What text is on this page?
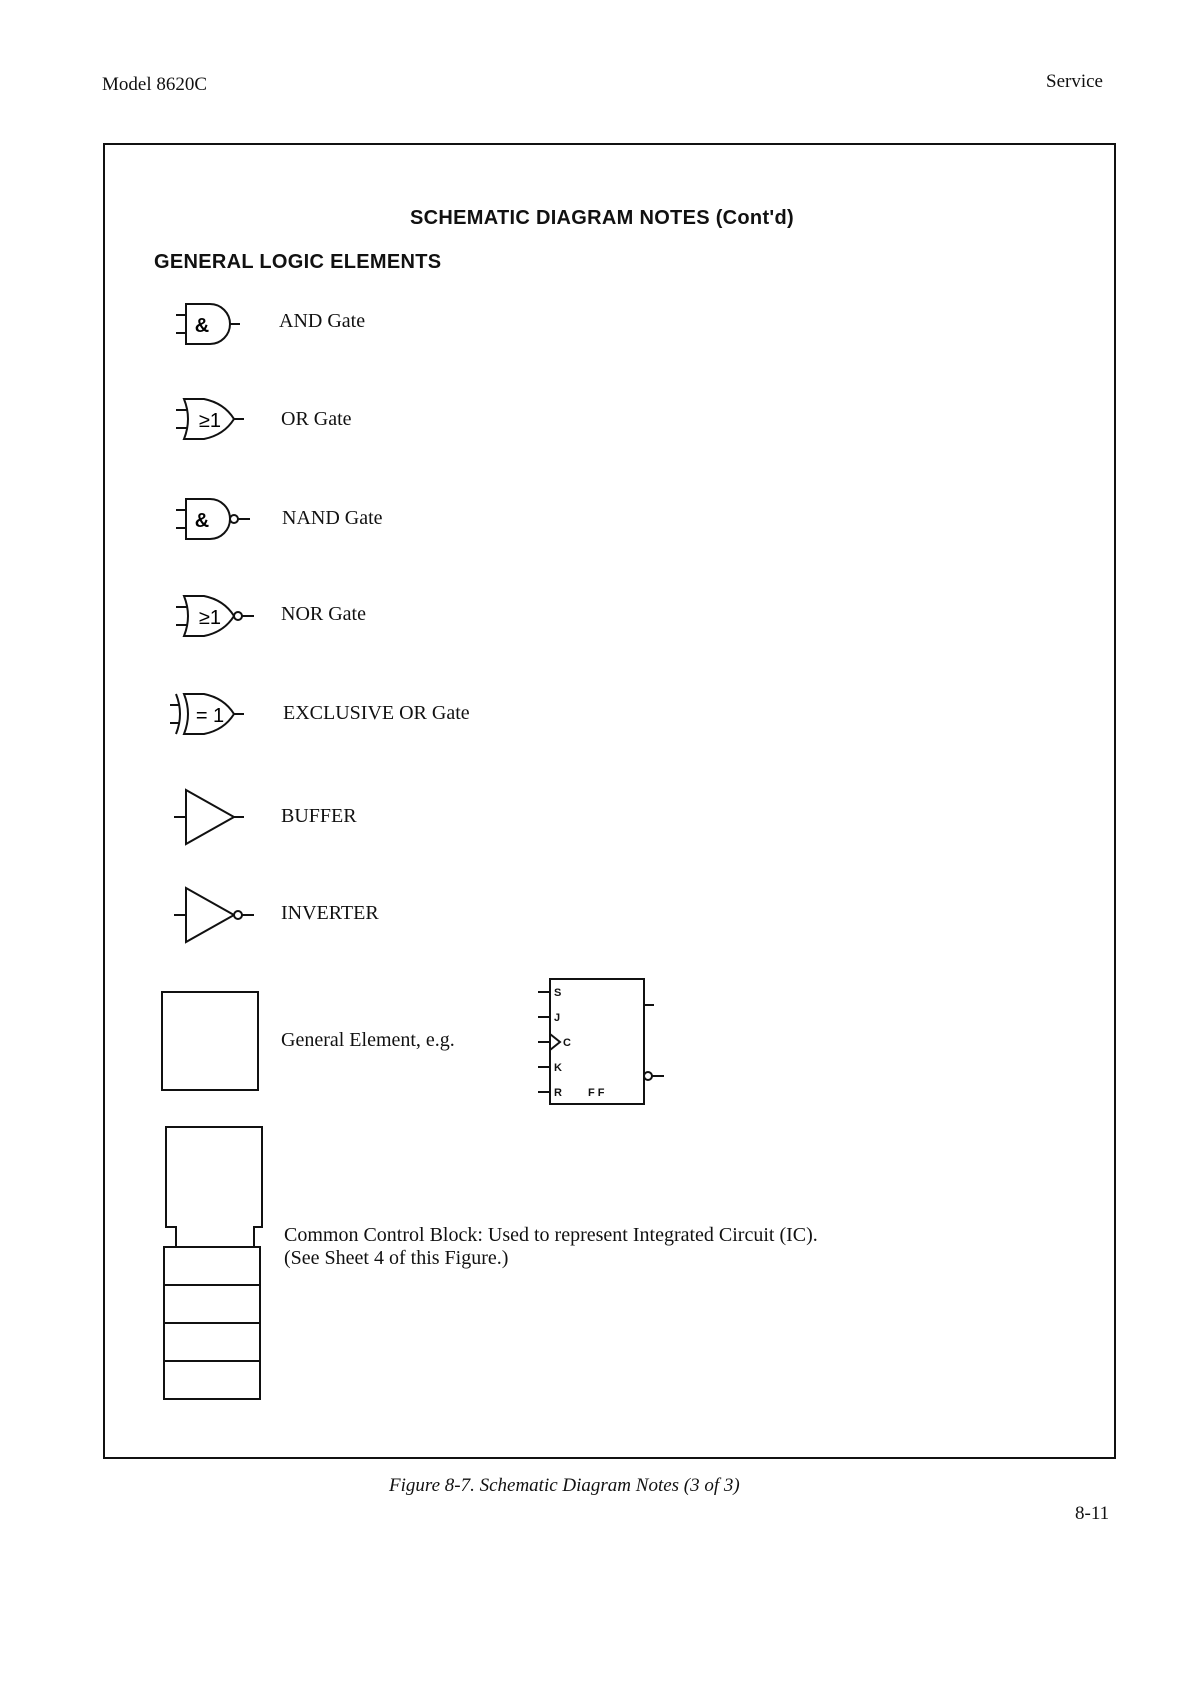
Model 8620C	Service
SCHEMATIC DIAGRAM NOTES (Cont'd)
GENERAL LOGIC ELEMENTS
&	AND Gate
≥1	OR Gate
&	NAND Gate
≥1	NOR Gate
= 1	EXCLUSIVE OR Gate
BUFFER
INVERTER
General Element, e.g.
S
J
C
K
R F F
Common Control Block: Used to represent Integrated Circuit (IC).
(See Sheet 4 of this Figure.)
Figure 8-7. Schematic Diagram Notes (3 of 3)
8-11
